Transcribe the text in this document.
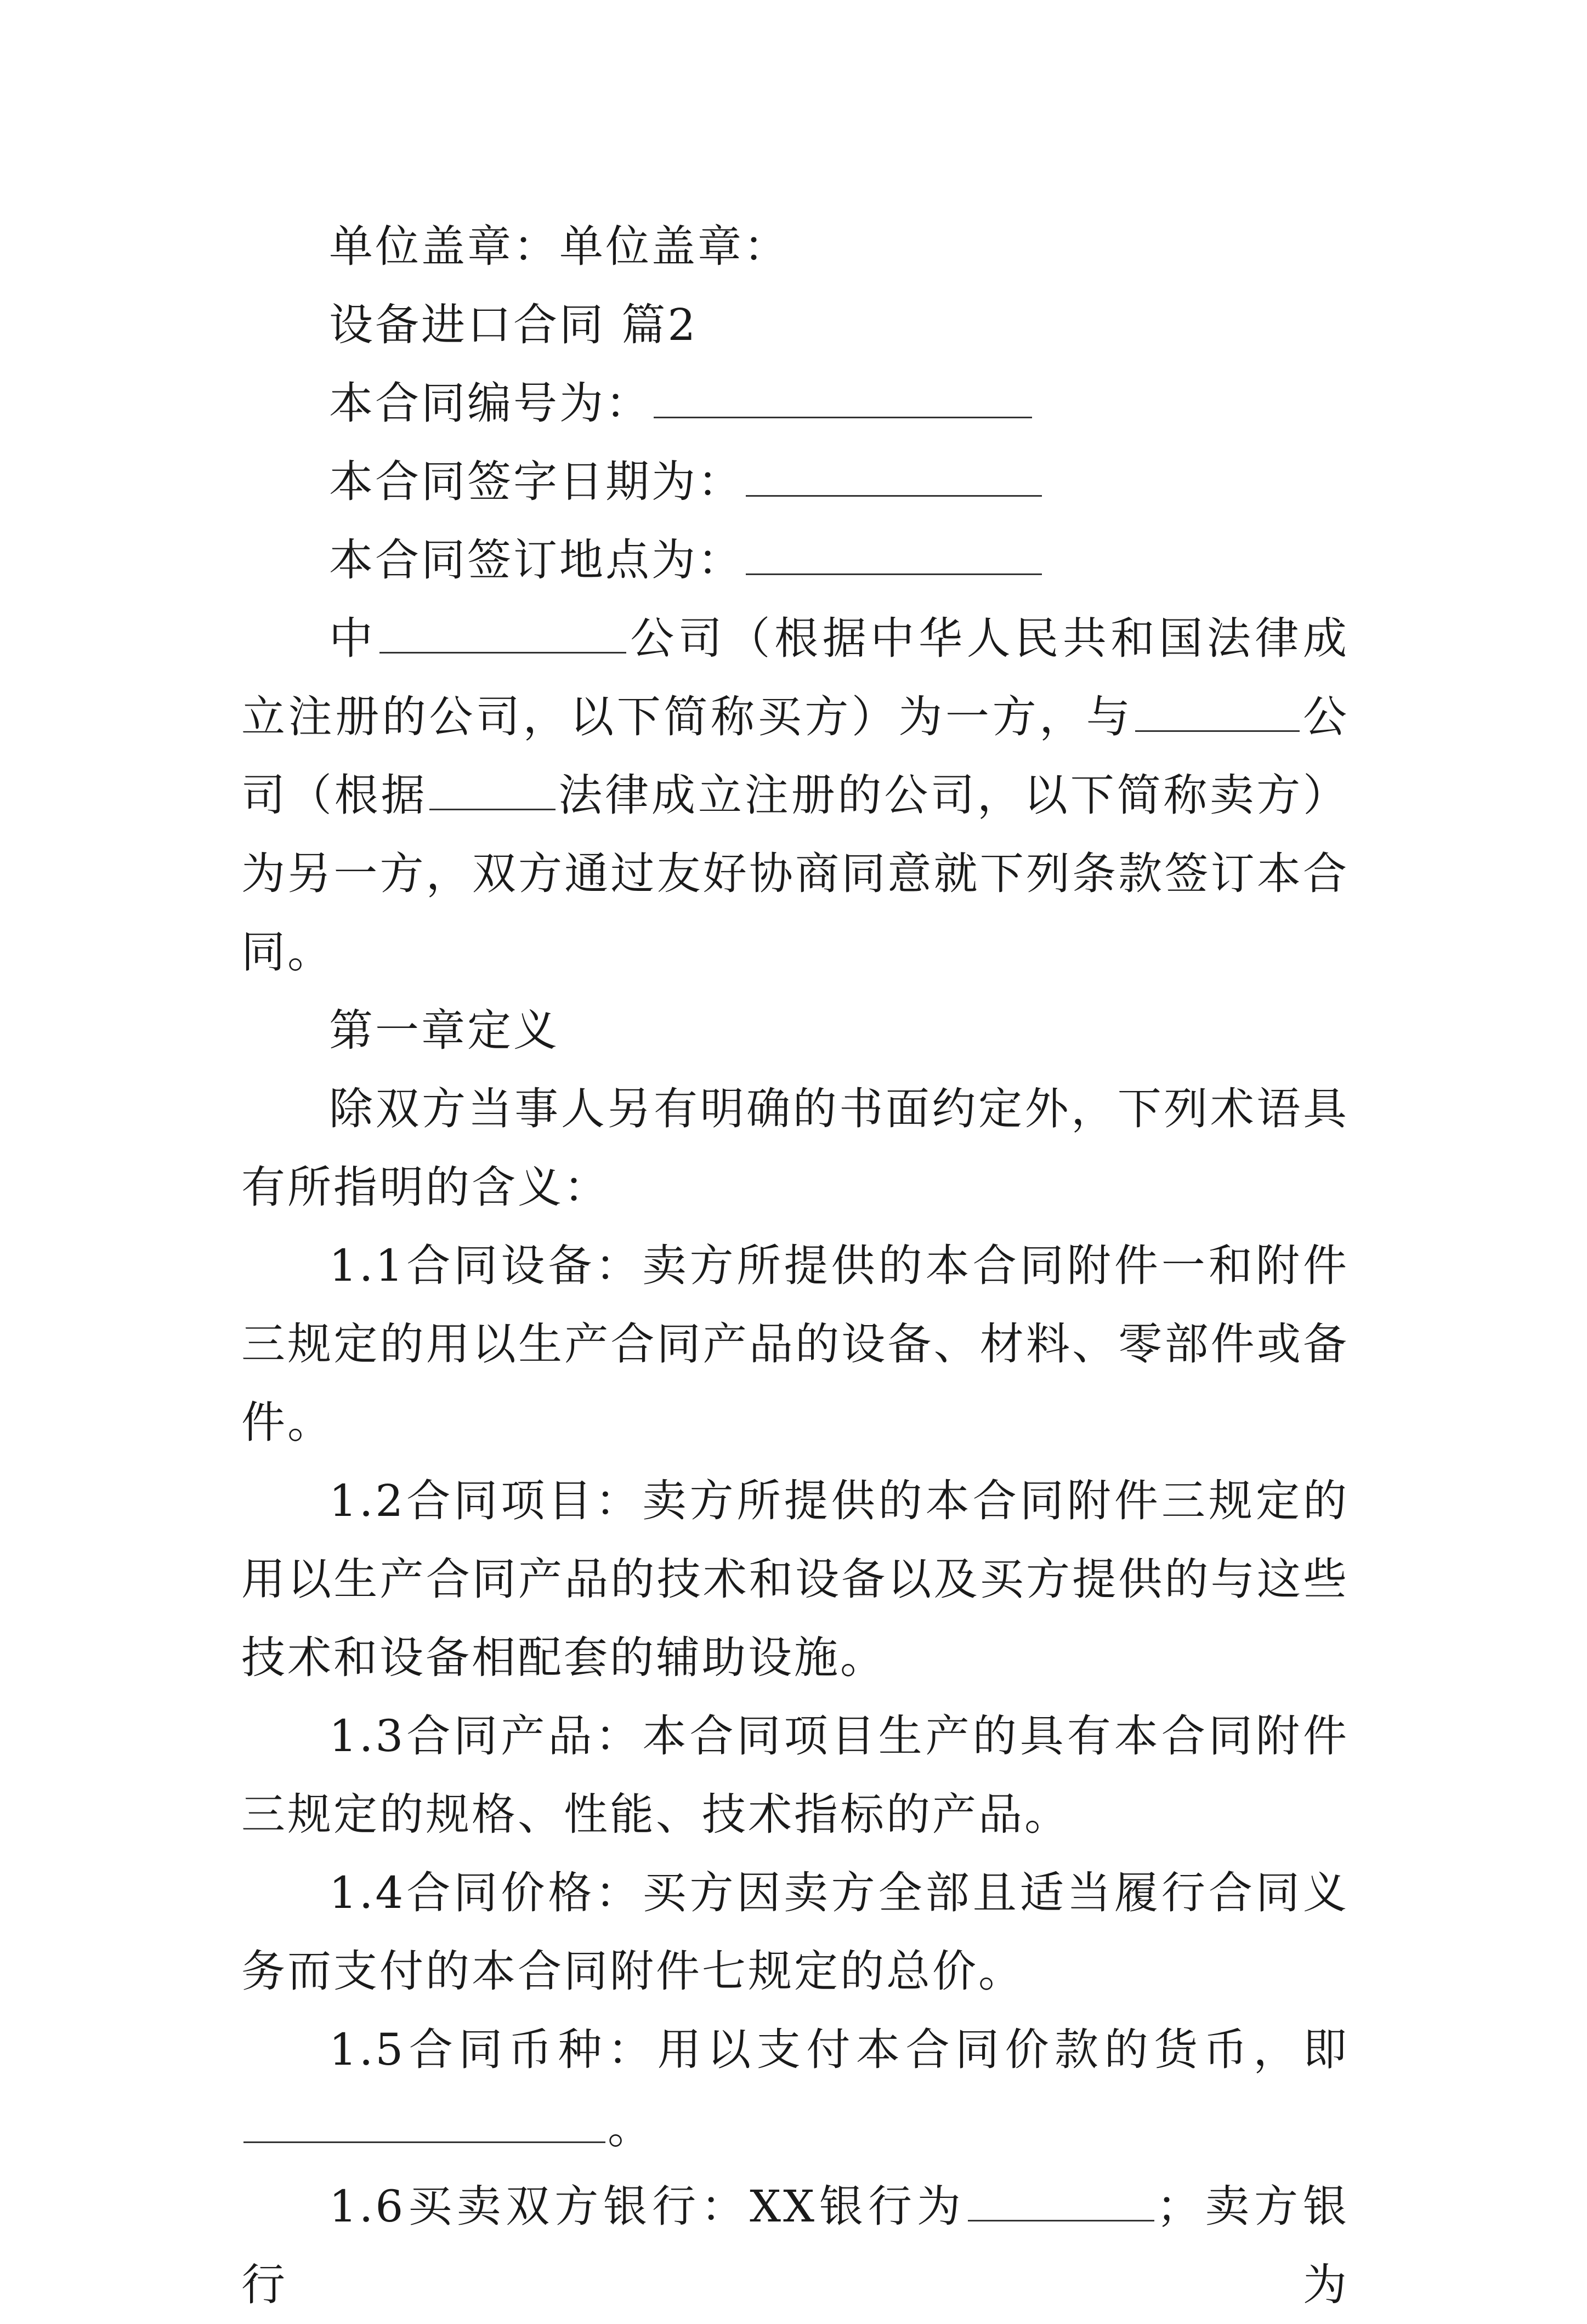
单位盖章：单位盖章：

设备进口合同 篇2

本合同编号为：

本合同签字日期为：

本合同签订地点为：

中	公司（根据中华人民共和国法律成立注册的公司，以下简称买方）为一方，与	公司（根据	法律成立注册的公司，以下简称卖方）为另一方，双方通过友好协商同意就下列条款签订本合同。

第一章定义

除双方当事人另有明确的书面约定外，下列术语具有所指明的含义：

1.1合同设备：卖方所提供的本合同附件一和附件三规定的用以生产合同产品的设备、材料、零部件或备件。

1.2合同项目：卖方所提供的本合同附件三规定的用以生产合同产品的技术和设备以及买方提供的与这些技术和设备相配套的辅助设施。

1.3合同产品：本合同项目生产的具有本合同附件三规定的规格、性能、技术指标的产品。

1.4合同价格：买方因卖方全部且适当履行合同义务而支付的本合同附件七规定的总价。

1.5合同币种：用以支付本合同价款的货币，即

。

1.6买卖双方银行：XX银行为	；卖方银行为
